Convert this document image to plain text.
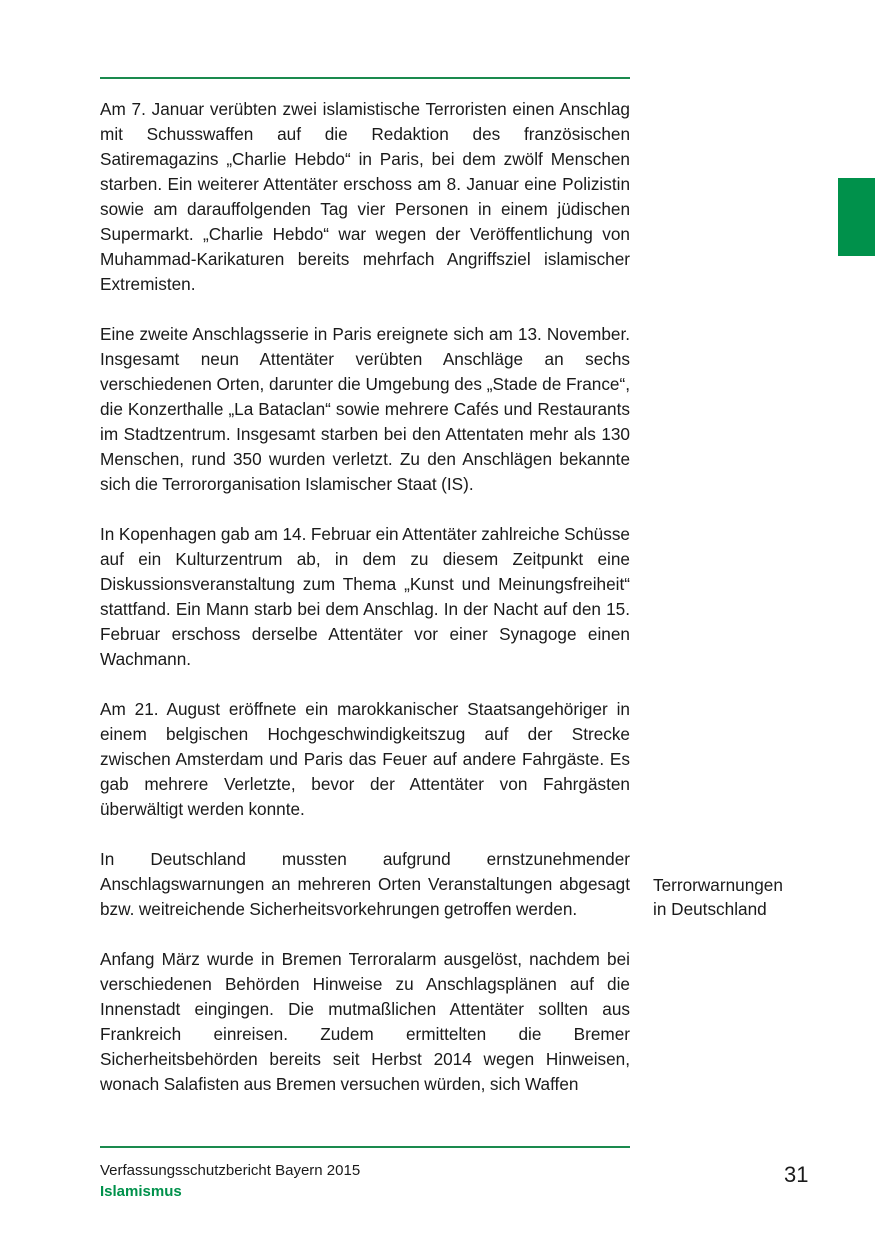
Am 7. Januar verübten zwei islamistische Terroristen einen Anschlag mit Schusswaffen auf die Redaktion des französischen Satiremagazins „Charlie Hebdo“ in Paris, bei dem zwölf Menschen starben. Ein weiterer Attentäter erschoss am 8. Januar eine Polizistin sowie am darauffolgenden Tag vier Personen in einem jüdischen Supermarkt. „Charlie Hebdo“ war wegen der Veröffentlichung von Muhammad-Karikaturen bereits mehrfach Angriffsziel islamischer Extremisten.

Eine zweite Anschlagsserie in Paris ereignete sich am 13. November. Insgesamt neun Attentäter verübten Anschläge an sechs verschiedenen Orten, darunter die Umgebung des „Stade de France“, die Konzerthalle „La Bataclan“ sowie mehrere Cafés und Restaurants im Stadtzentrum. Insgesamt starben bei den Attentaten mehr als 130 Menschen, rund 350 wurden verletzt. Zu den Anschlägen bekannte sich die Terrororganisation Islamischer Staat (IS).

In Kopenhagen gab am 14. Februar ein Attentäter zahlreiche Schüsse auf ein Kulturzentrum ab, in dem zu diesem Zeitpunkt eine Diskussionsveranstaltung zum Thema „Kunst und Meinungsfreiheit“ stattfand. Ein Mann starb bei dem Anschlag. In der Nacht auf den 15. Februar erschoss derselbe Attentäter vor einer Synagoge einen Wachmann.

Am 21. August eröffnete ein marokkanischer Staatsangehöriger in einem belgischen Hochgeschwindigkeitszug auf der Strecke zwischen Amsterdam und Paris das Feuer auf andere Fahrgäste. Es gab mehrere Verletzte, bevor der Attentäter von Fahrgästen überwältigt werden konnte.

In Deutschland mussten aufgrund ernstzunehmender Anschlagswarnungen an mehreren Orten Veranstaltungen abgesagt bzw. weitreichende Sicherheitsvorkehrungen getroffen werden.

Anfang März wurde in Bremen Terroralarm ausgelöst, nachdem bei verschiedenen Behörden Hinweise zu Anschlagsplänen auf die Innenstadt eingingen. Die mutmaßlichen Attentäter sollten aus Frankreich einreisen. Zudem ermittelten die Bremer Sicherheitsbehörden bereits seit Herbst 2014 wegen Hinweisen, wonach Salafisten aus Bremen versuchen würden, sich Waffen

Terrorwarnungen
in Deutschland
Verfassungsschutzbericht Bayern 2015
Islamismus
31
